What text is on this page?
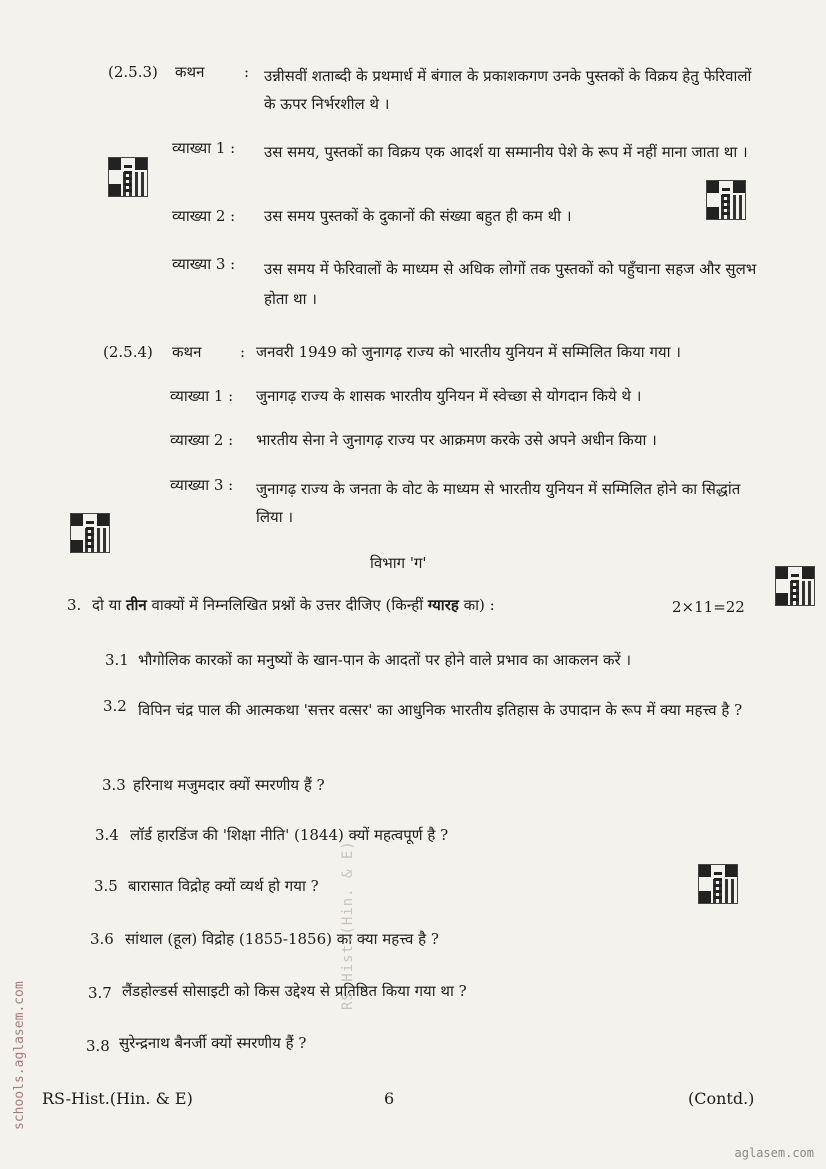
(2.5.3) कथन	: उन्नीसवीं शताब्दी के प्रथमार्ध में बंगाल के प्रकाशकगण उनके पुस्तकों के विक्रय हेतु फेरिवालों के ऊपर निर्भरशील थे ।
व्याख्या 1 : उस समय, पुस्तकों का विक्रय एक आदर्श या सम्मानीय पेशे के रूप में नहीं माना जाता था ।
व्याख्या 2 : उस समय पुस्तकों के दुकानों की संख्या बहुत ही कम थी ।
व्याख्या 3 : उस समय में फेरिवालों के माध्यम से अधिक लोगों तक पुस्तकों को पहुँचाना सहज और सुलभ होता था ।
(2.5.4) कथन	: जनवरी 1949 को जुनागढ़ राज्य को भारतीय युनियन में सम्मिलित किया गया ।
व्याख्या 1 : जुनागढ़ राज्य के शासक भारतीय युनियन में स्वेच्छा से योगदान किये थे ।
व्याख्या 2 : भारतीय सेना ने जुनागढ़ राज्य पर आक्रमण करके उसे अपने अधीन किया ।
व्याख्या 3 : जुनागढ़ राज्य के जनता के वोट के माध्यम से भारतीय युनियन में सम्मिलित होने का सिद्धांत लिया ।
विभाग 'ग'
3. दो या तीन वाक्यों में निम्नलिखित प्रश्नों के उत्तर दीजिए (किन्हीं ग्यारह का) :	2×11=22
3.1 भौगोलिक कारकों का मनुष्यों के खान-पान के आदतों पर होने वाले प्रभाव का आकलन करें ।
3.2 विपिन चंद्र पाल की आत्मकथा 'सत्तर वत्सर' का आधुनिक भारतीय इतिहास के उपादान के रूप में क्या महत्त्व है ?
3.3 हरिनाथ मजुमदार क्यों स्मरणीय हैं ?
3.4 लॉर्ड हारडिंज की 'शिक्षा नीति' (1844) क्यों महत्वपूर्ण है ?
3.5 बारासात विद्रोह क्यों व्यर्थ हो गया ?
3.6 सांथाल (हूल) विद्रोह (1855-1856) का क्या महत्त्व है ?
3.7 लैंडहोल्डर्स सोसाइटी को किस उद्देश्य से प्रतिष्ठित किया गया था ?
3.8 सुरेन्द्रनाथ बैनर्जी क्यों स्मरणीय हैं ?
RS-Hist.(Hin. & E)	6	(Contd.)
schools.aglasem.com
RS-Hist.(Hin. & E)
aglasem.com
